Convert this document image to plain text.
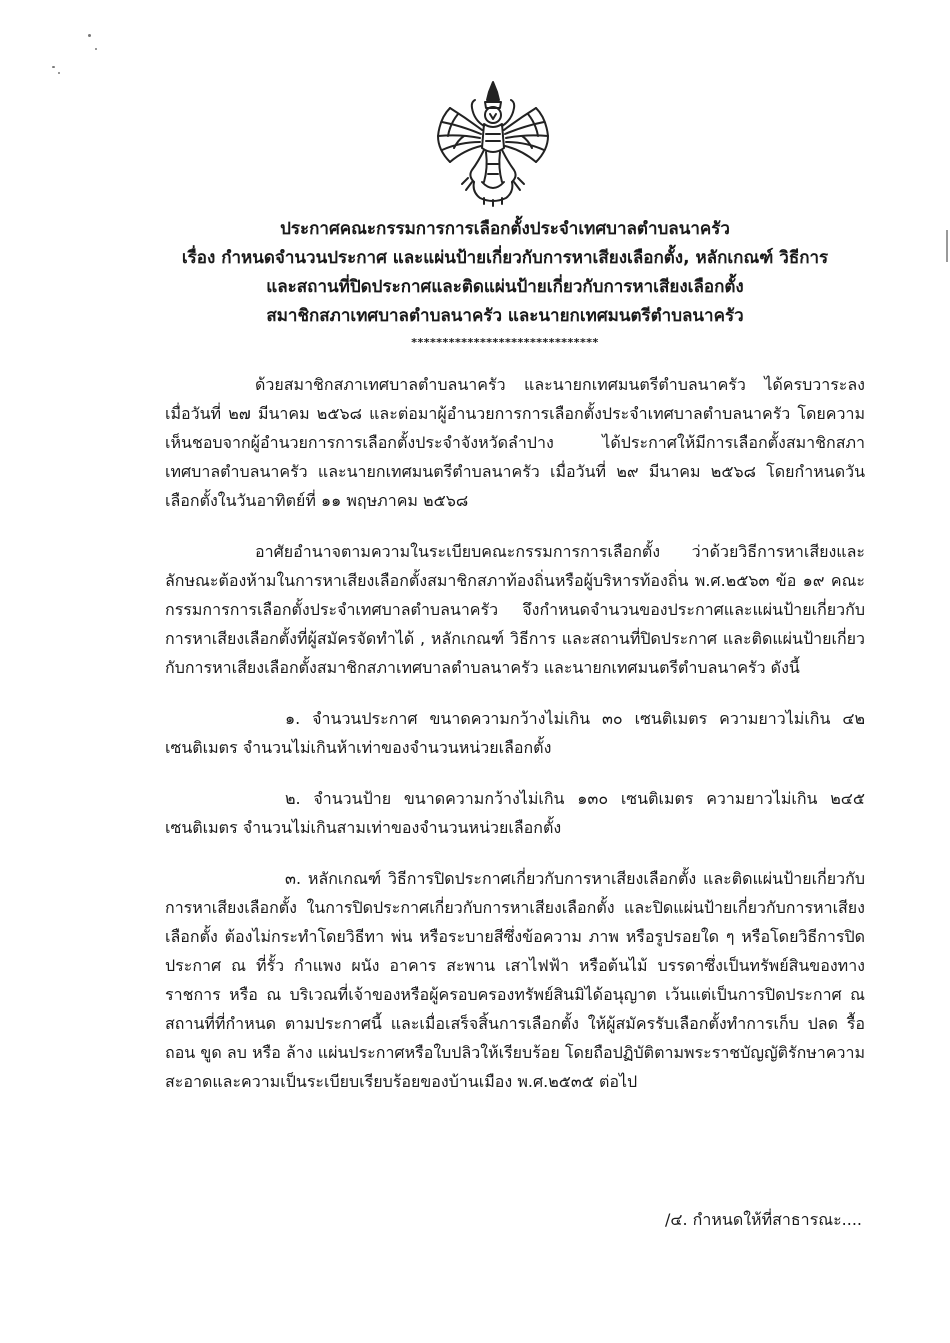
ประกาศคณะกรรมการการเลือกตั้งประจำเทศบาลตำบลนาครัว
เรื่อง กำหนดจำนวนประกาศ และแผ่นป้ายเกี่ยวกับการหาเสียงเลือกตั้ง, หลักเกณฑ์ วิธีการ
และสถานที่ปิดประกาศและติดแผ่นป้ายเกี่ยวกับการหาเสียงเลือกตั้ง
สมาชิกสภาเทศบาลตำบลนาครัว และนายกเทศมนตรีตำบลนาครัว
******************************

ด้วยสมาชิกสภาเทศบาลตำบลนาครัว และนายกเทศมนตรีตำบลนาครัว ได้ครบวาระลง เมื่อวันที่ ๒๗ มีนาคม ๒๕๖๘ และต่อมาผู้อำนวยการการเลือกตั้งประจำเทศบาลตำบลนาครัว โดยความเห็นชอบจากผู้อำนวยการการเลือกตั้งประจำจังหวัดลำปาง ได้ประกาศให้มีการเลือกตั้งสมาชิกสภาเทศบาลตำบลนาครัว และนายกเทศมนตรีตำบลนาครัว เมื่อวันที่ ๒๙ มีนาคม ๒๕๖๘ โดยกำหนดวันเลือกตั้งในวันอาทิตย์ที่ ๑๑ พฤษภาคม ๒๕๖๘

อาศัยอำนาจตามความในระเบียบคณะกรรมการการเลือกตั้ง ว่าด้วยวิธีการหาเสียงและลักษณะต้องห้ามในการหาเสียงเลือกตั้งสมาชิกสภาท้องถิ่นหรือผู้บริหารท้องถิ่น พ.ศ.๒๕๖๓ ข้อ ๑๙ คณะกรรมการการเลือกตั้งประจำเทศบาลตำบลนาครัว จึงกำหนดจำนวนของประกาศและแผ่นป้ายเกี่ยวกับการหาเสียงเลือกตั้งที่ผู้สมัครจัดทำได้ , หลักเกณฑ์ วิธีการ และสถานที่ปิดประกาศ และติดแผ่นป้ายเกี่ยวกับการหาเสียงเลือกตั้งสมาชิกสภาเทศบาลตำบลนาครัว และนายกเทศมนตรีตำบลนาครัว ดังนี้

๑. จำนวนประกาศ ขนาดความกว้างไม่เกิน ๓๐ เซนติเมตร ความยาวไม่เกิน ๔๒ เซนติเมตร จำนวนไม่เกินห้าเท่าของจำนวนหน่วยเลือกตั้ง

๒. จำนวนป้าย ขนาดความกว้างไม่เกิน ๑๓๐ เซนติเมตร ความยาวไม่เกิน ๒๔๕ เซนติเมตร จำนวนไม่เกินสามเท่าของจำนวนหน่วยเลือกตั้ง

๓. หลักเกณฑ์ วิธีการปิดประกาศเกี่ยวกับการหาเสียงเลือกตั้ง และติดแผ่นป้ายเกี่ยวกับการหาเสียงเลือกตั้ง ในการปิดประกาศเกี่ยวกับการหาเสียงเลือกตั้ง และปิดแผ่นป้ายเกี่ยวกับการหาเสียงเลือกตั้ง ต้องไม่กระทำโดยวิธีทา พ่น หรือระบายสีซึ่งข้อความ ภาพ หรือรูปรอยใด ๆ หรือโดยวิธีการปิดประกาศ ณ ที่รั้ว กำแพง ผนัง อาคาร สะพาน เสาไฟฟ้า หรือต้นไม้ บรรดาซึ่งเป็นทรัพย์สินของทางราชการ หรือ ณ บริเวณที่เจ้าของหรือผู้ครอบครองทรัพย์สินมิได้อนุญาต เว้นแต่เป็นการปิดประกาศ ณ สถานที่ที่กำหนด ตามประกาศนี้ และเมื่อเสร็จสิ้นการเลือกตั้ง ให้ผู้สมัครรับเลือกตั้งทำการเก็บ ปลด รื้อ ถอน ขูด ลบ หรือ ล้าง แผ่นประกาศหรือใบปลิวให้เรียบร้อย โดยถือปฏิบัติตามพระราชบัญญัติรักษาความสะอาดและความเป็นระเบียบเรียบร้อยของบ้านเมือง พ.ศ.๒๕๓๕ ต่อไป

/๔. กำหนดให้ที่สาธารณะ....
